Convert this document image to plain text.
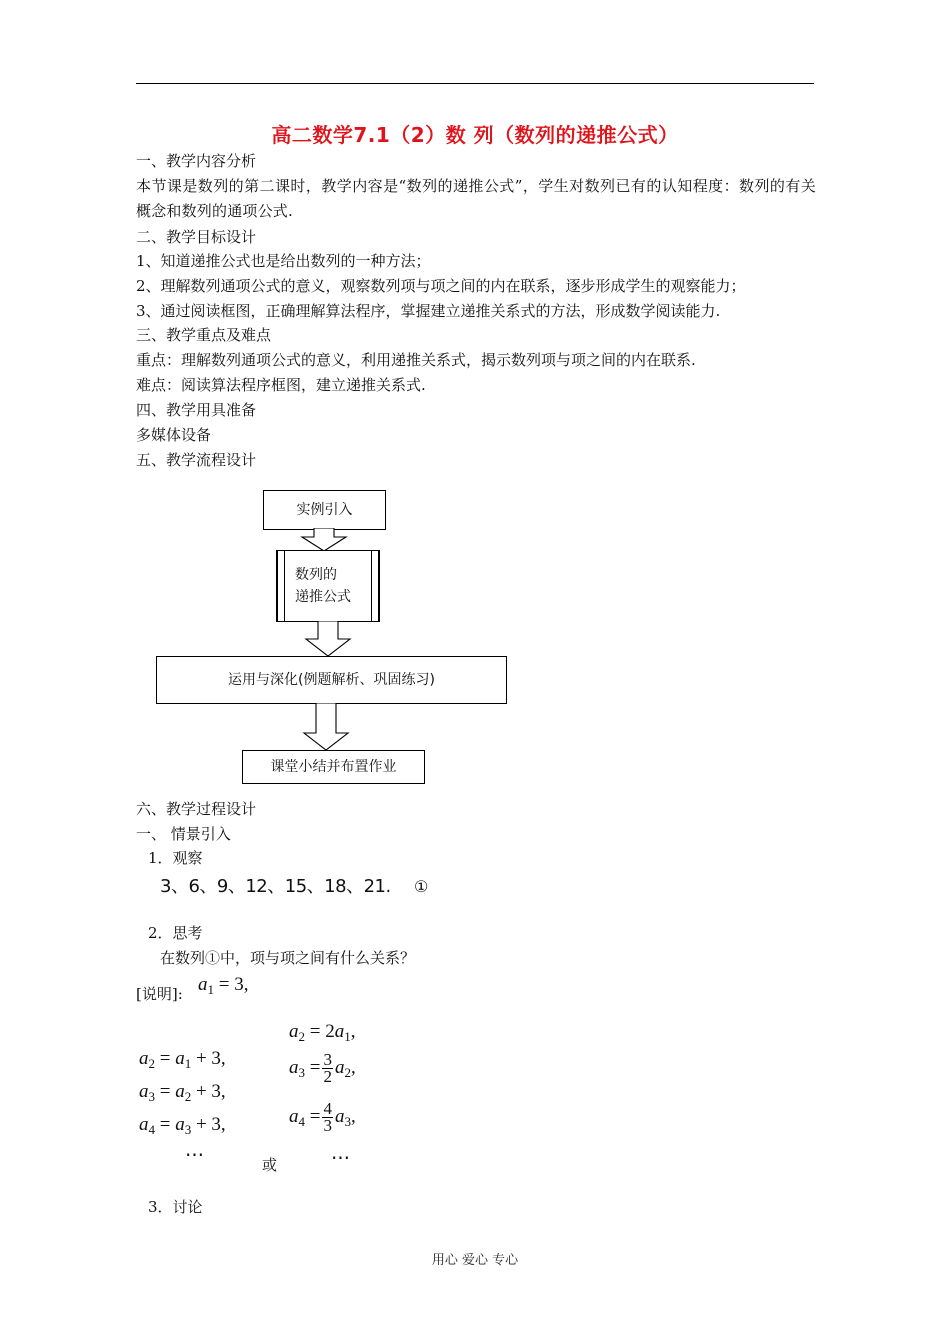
高二数学7.1（2）数 列（数列的递推公式）
一、教学内容分析
本节课是数列的第二课时，教学内容是“数列的递推公式”，学生对数列已有的认知程度：数列的有关概念和数列的通项公式.
二、教学目标设计
1、知道递推公式也是给出数列的一种方法；
2、理解数列通项公式的意义，观察数列项与项之间的内在联系，逐步形成学生的观察能力；
3、通过阅读框图，正确理解算法程序，掌握建立递推关系式的方法，形成数学阅读能力.
三、教学重点及难点
重点：理解数列通项公式的意义，利用递推关系式，揭示数列项与项之间的内在联系.
难点：阅读算法程序框图，建立递推关系式.
四、教学用具准备
多媒体设备
五、教学流程设计
实例引入
数列的
递推公式
运用与深化(例题解析、巩固练习)
课堂小结并布置作业
六、教学过程设计
一、 情景引入
1．观察
3、6、9、12、15、18、21. ①
2．思考
在数列①中，项与项之间有什么关系？
[说明]: $a_1 = 3$,
$a_2 = a_1 + 3$,
$a_3 = a_2 + 3$,
$a_4 = a_3 + 3$,
⋯	或
$a_2 = 2a_1$,
$a_3 = \frac{3}{2} a_2$,
$a_4 = \frac{4}{3} a_3$,
⋯
3．讨论
用心 爱心 专心
